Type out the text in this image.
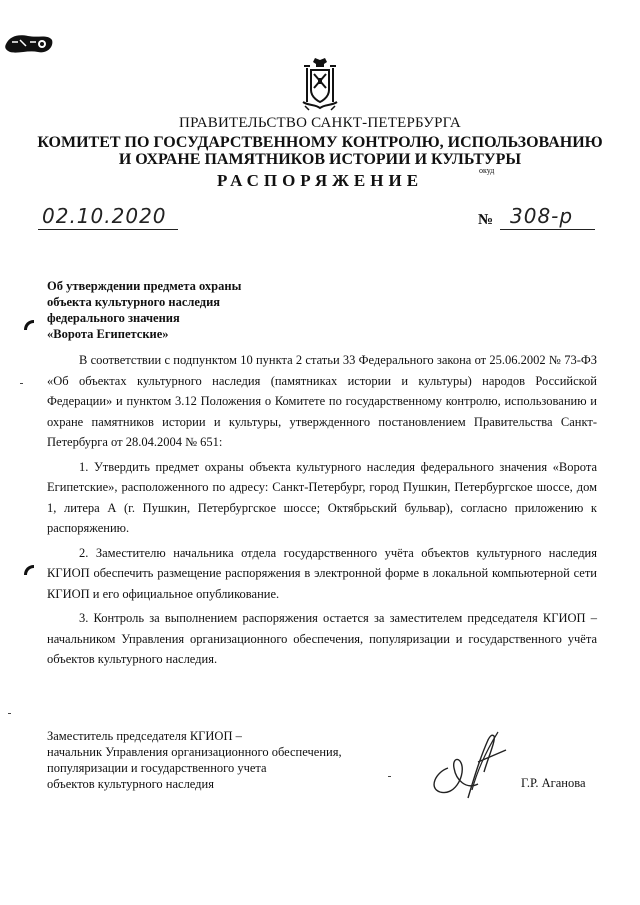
ПРАВИТЕЛЬСТВО САНКТ-ПЕТЕРБУРГА
КОМИТЕТ ПО ГОСУДАРСТВЕННОМУ КОНТРОЛЮ, ИСПОЛЬЗОВАНИЮ
И ОХРАНЕ ПАМЯТНИКОВ ИСТОРИИ И КУЛЬТУРЫ
РАСПОРЯЖЕНИЕ
окуд
02.10.2020	№ 308-р
Об утверждении предмета охраны
объекта культурного наследия
федерального значения
«Ворота Египетские»

В соответствии с подпунктом 10 пункта 2 статьи 33 Федерального закона от 25.06.2002 № 73-ФЗ «Об объектах культурного наследия (памятниках истории и культуры) народов Российской Федерации» и пунктом 3.12 Положения о Комитете по государственному контролю, использованию и охране памятников истории и культуры, утвержденного постановлением Правительства Санкт-Петербурга от 28.04.2004 № 651:

1. Утвердить предмет охраны объекта культурного наследия федерального значения «Ворота Египетские», расположенного по адресу: Санкт-Петербург, город Пушкин, Петербургское шоссе, дом 1, литера А (г. Пушкин, Петербургское шоссе; Октябрьский бульвар), согласно приложению к распоряжению.

2. Заместителю начальника отдела государственного учёта объектов культурного наследия КГИОП обеспечить размещение распоряжения в электронной форме в локальной компьютерной сети КГИОП и его официальное опубликование.

3. Контроль за выполнением распоряжения остается за заместителем председателя КГИОП – начальником Управления организационного обеспечения, популяризации и государственного учёта объектов культурного наследия.

Заместитель председателя КГИОП –
начальник Управления организационного обеспечения,
популяризации и государственного учета
объектов культурного наследия	Г.Р. Аганова
